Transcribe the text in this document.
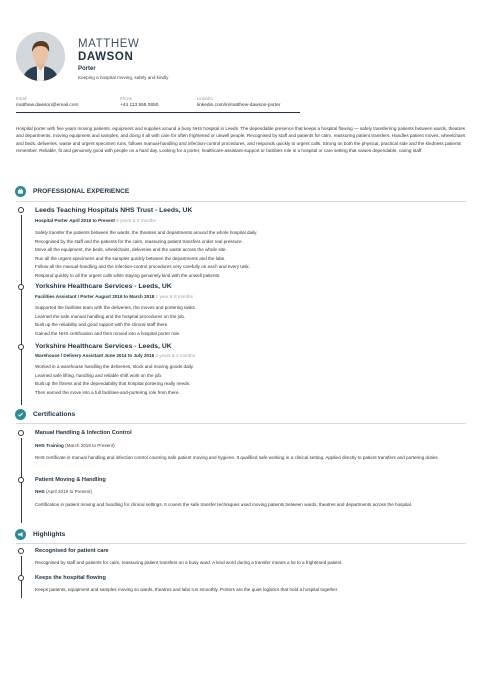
MATTHEW
DAWSON
Porter
Keeping a hospital moving, safely and kindly
Email
matthew.dawson@email.com
Phone
+44 113 555 0650
LinkedIn
linkedin.com/in/matthew-dawson-porter
Hospital porter with five years moving patients, equipment and supplies around a busy NHS hospital in Leeds. The dependable presence that keeps a hospital flowing — safely transferring patients between wards, theatres and departments, moving equipment and samples, and doing it all with care for often frightened or unwell people. Recognised by staff and patients for calm, reassuring patient transfers. Handles patient moves, wheelchairs and beds, deliveries, waste and urgent specimen runs, follows manual-handling and infection-control procedures, and responds quickly to urgent calls. Strong on both the physical, practical side and the kindness patients remember. Reliable, fit and genuinely good with people on a hard day. Looking for a porter, healthcare-assistant-support or facilities role in a hospital or care setting that values dependable, caring staff.
PROFESSIONAL EXPERIENCE
Leeds Teaching Hospitals NHS Trust - Leeds, UK
Hospital Porter April 2018 to Present 8 years & 5 months
Safely transfer the patients between the wards, the theatres and departments around the whole hospital daily.
Recognised by the staff and the patients for the calm, reassuring patient transfers under real pressure.
Move all the equipment, the beds, wheelchairs, deliveries and the waste across the whole site.
Run all the urgent specimens and the samples quickly between the departments and the labs.
Follow all the manual-handling and the infection-control procedures very carefully on each and every task.
Respond quickly to all the urgent calls while staying genuinely kind with the unwell patients.
Yorkshire Healthcare Services - Leeds, UK
Facilities Assistant / Porter August 2016 to March 2018 1 year & 8 months
Supported the facilities team with the deliveries, the moves and portering tasks.
Learned the safe manual handling and the hospital procedures on the job.
Built up the reliability and good rapport with the clinical staff there.
Gained the NHS certification and then moved into a hospital porter role.
Yorkshire Healthcare Services - Leeds, UK
Warehouse / Delivery Assistant June 2014 to July 2016 2 years & 2 months
Worked in a warehouse handling the deliveries, stock and moving goods daily.
Learned safe lifting, handling and reliable shift work on the job.
Built up the fitness and the dependability that hospital portering really needs.
Then earned the move into a full facilities-and-portering role from there.
Certifications
Manual Handling & Infection Control
NHS Training (March 2018 to Present)
NHS certificate in manual handling and infection control covering safe patient moving and hygiene. It qualified safe working in a clinical setting. Applied directly to patient transfers and portering duties.
Patient Moving & Handling
NHS (April 2019 to Present)
Certification in patient moving and handling for clinical settings. It covers the safe transfer techniques used moving patients between wards, theatres and departments across the hospital.
Highlights
Recognised for patient care
Recognised by staff and patients for calm, reassuring patient transfers on a busy ward. A kind word during a transfer means a lot to a frightened patient.
Keeps the hospital flowing
Keeps patients, equipment and samples moving so wards, theatres and labs run smoothly. Porters are the quiet logistics that hold a hospital together.
